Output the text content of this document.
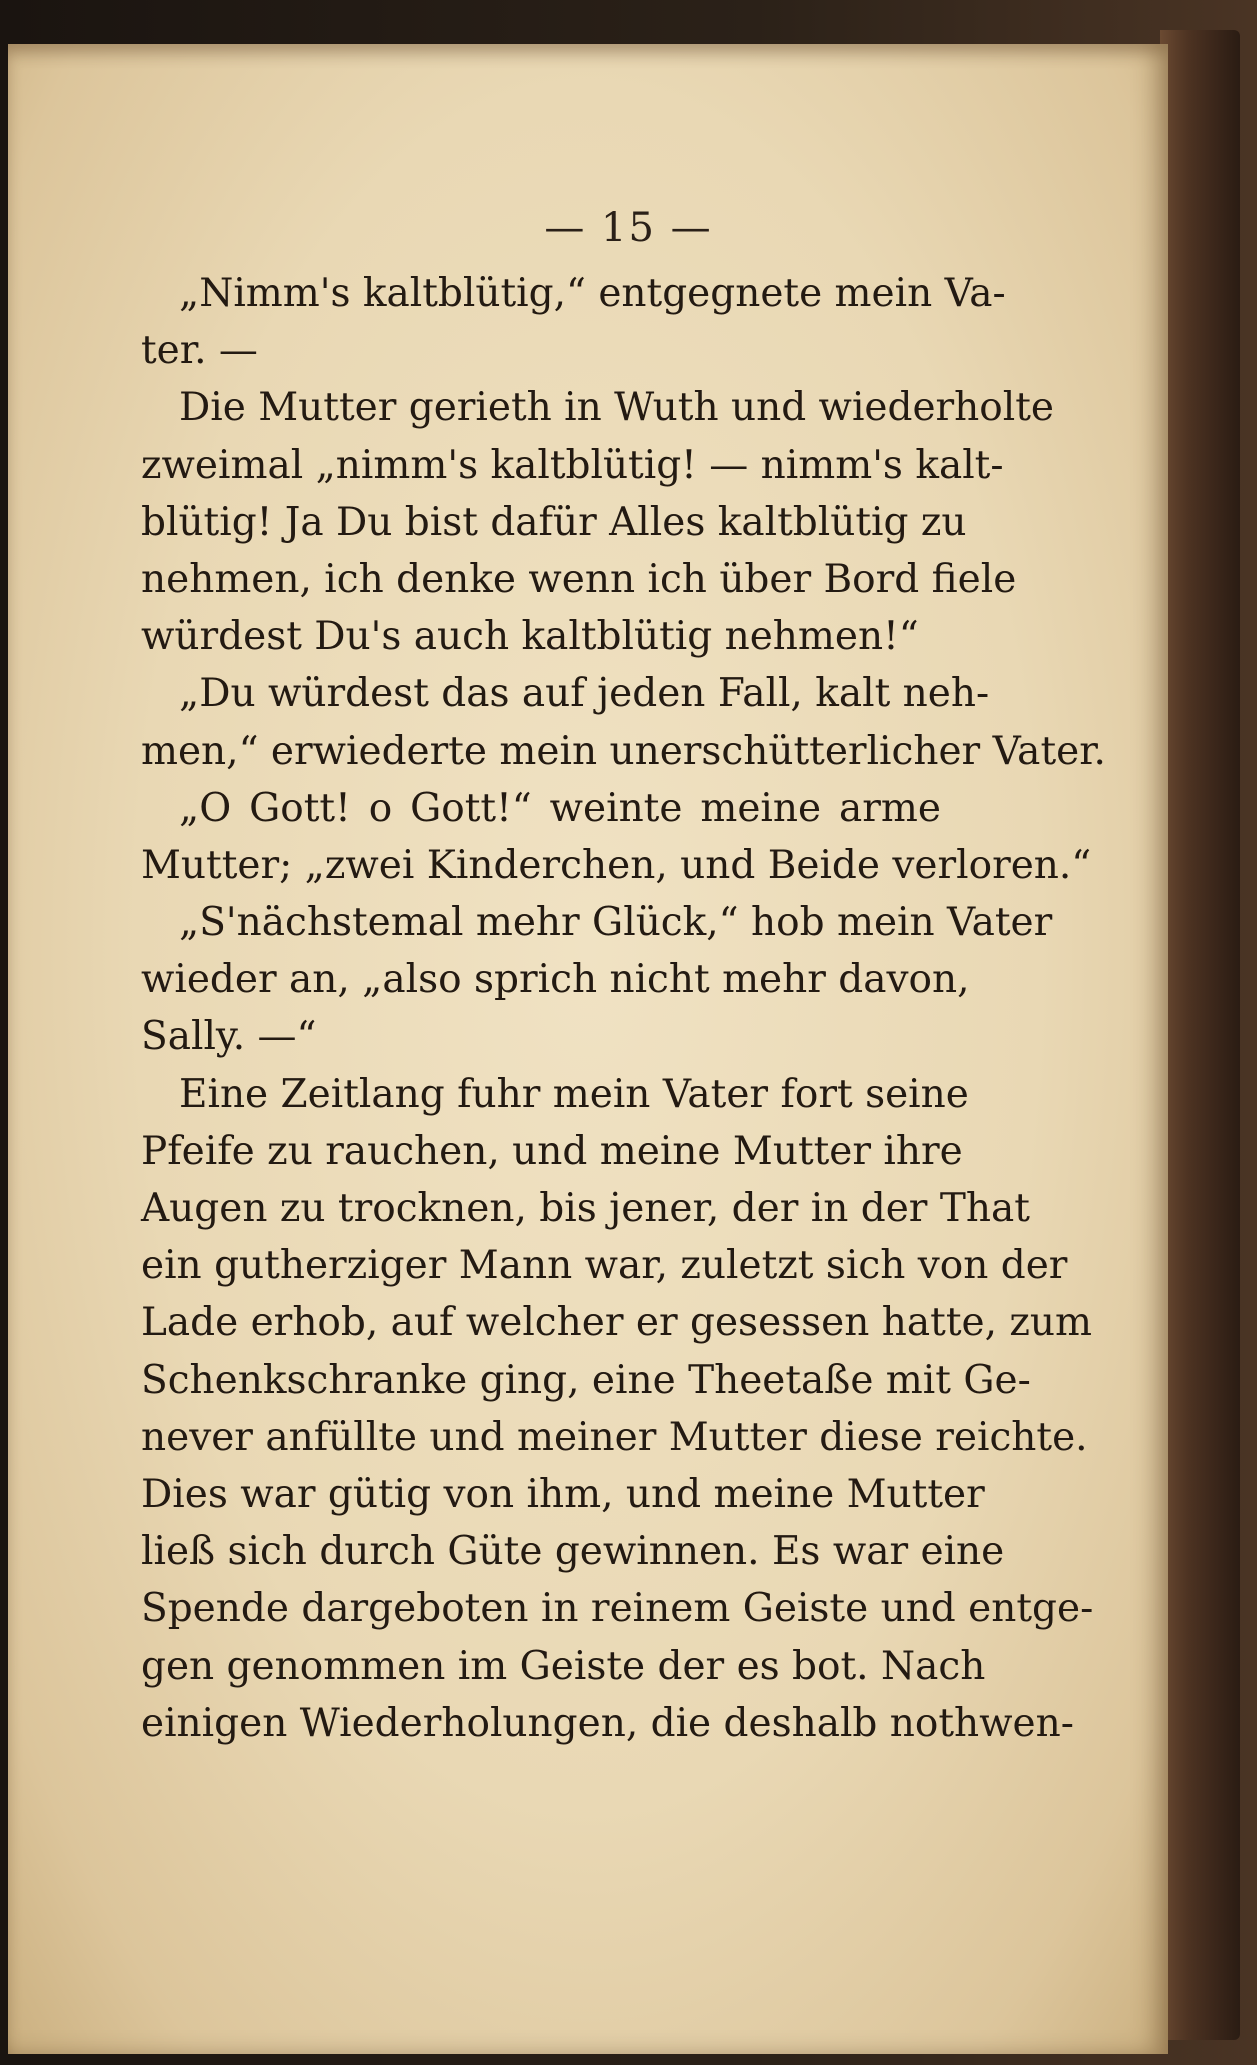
— 15 —
„Nimm's kaltblütig,“ entgegnete mein Va-
ter. —
Die Mutter gerieth in Wuth und wiederholte
zweimal „nimm's kaltblütig! — nimm's kalt-
blütig! Ja Du bist dafür Alles kaltblütig zu
nehmen, ich denke wenn ich über Bord fiele
würdest Du's auch kaltblütig nehmen!“
„Du würdest das auf jeden Fall, kalt neh-
men,“ erwiederte mein unerschütterlicher Vater.
„O Gott! o Gott!“ weinte meine arme
Mutter; „zwei Kinderchen, und Beide verloren.“
„S'nächstemal mehr Glück,“ hob mein Vater
wieder an, „also sprich nicht mehr davon,
Sally. —“
Eine Zeitlang fuhr mein Vater fort seine
Pfeife zu rauchen, und meine Mutter ihre
Augen zu trocknen, bis jener, der in der That
ein gutherziger Mann war, zuletzt sich von der
Lade erhob, auf welcher er gesessen hatte, zum
Schenkschranke ging, eine Theetaße mit Ge-
never anfüllte und meiner Mutter diese reichte.
Dies war gütig von ihm, und meine Mutter
ließ sich durch Güte gewinnen. Es war eine
Spende dargeboten in reinem Geiste und entge-
gen genommen im Geiste der es bot. Nach
einigen Wiederholungen, die deshalb nothwen-
